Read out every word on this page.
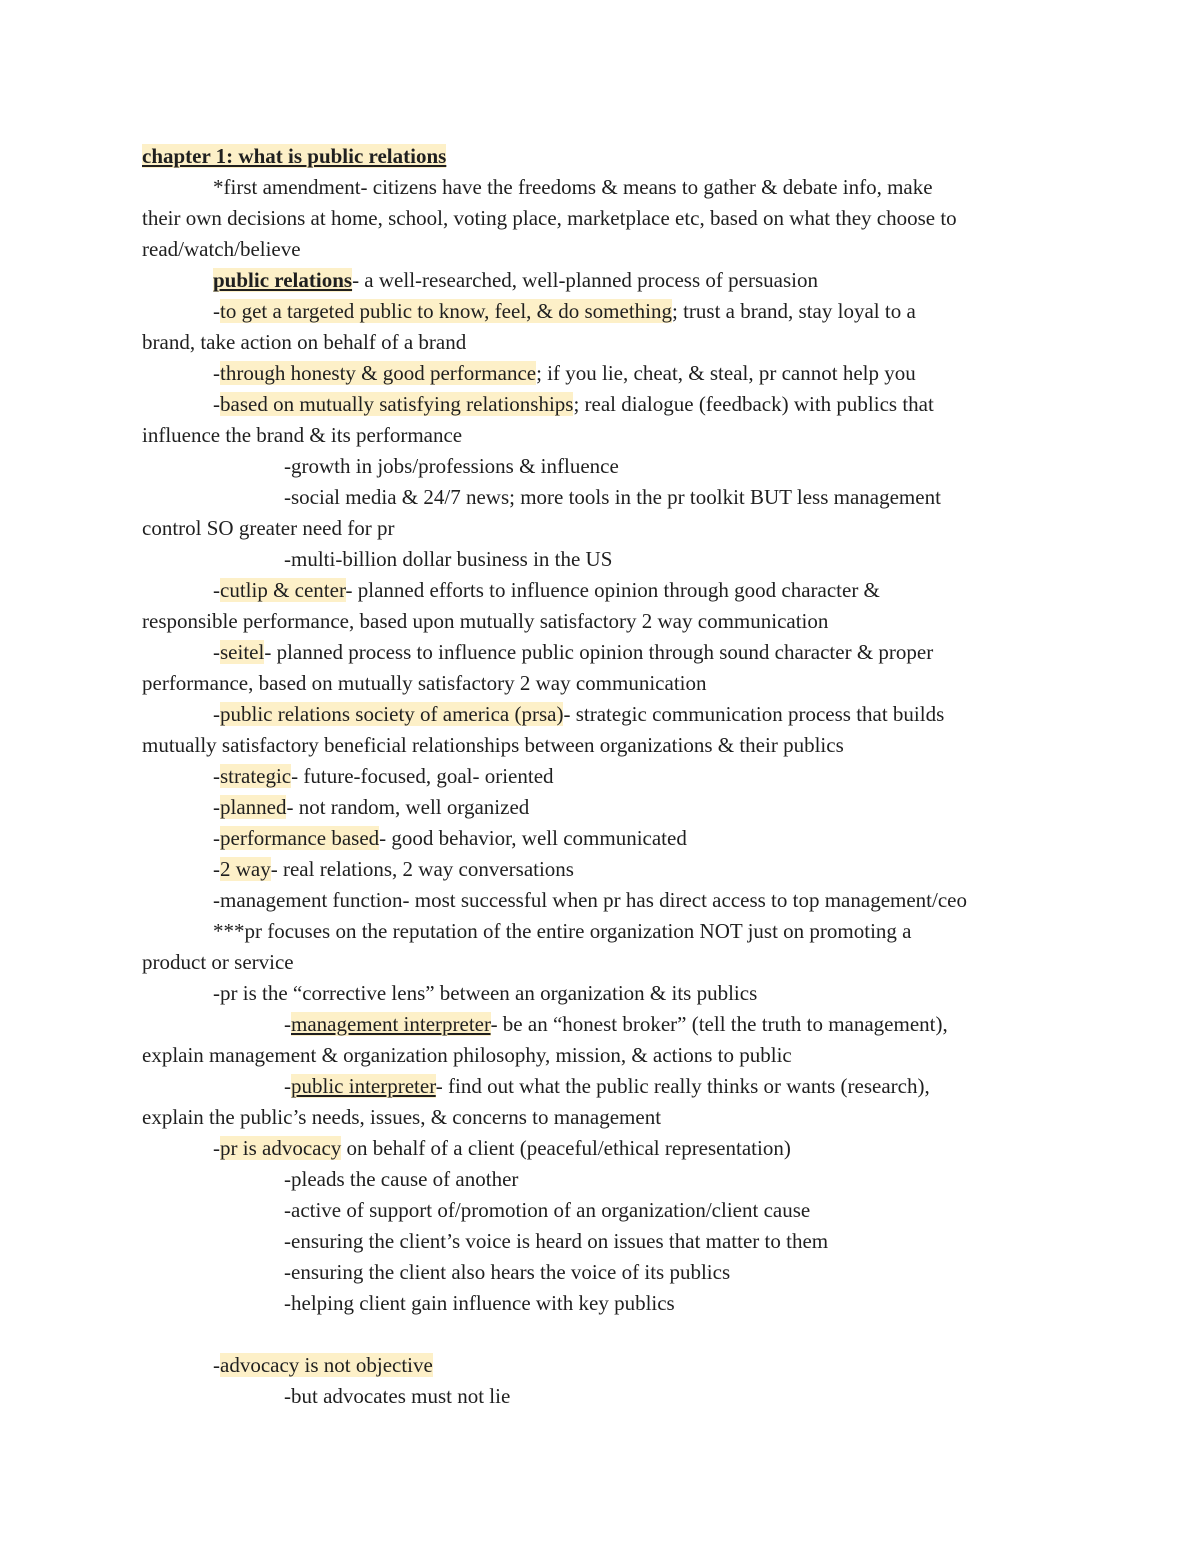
chapter 1: what is public relations
*first amendment- citizens have the freedoms & means to gather & debate info, make
their own decisions at home, school, voting place, marketplace etc, based on what they choose to
read/watch/believe
public relations- a well-researched, well-planned process of persuasion
-to get a targeted public to know, feel, & do something; trust a brand, stay loyal to a
brand, take action on behalf of a brand
-through honesty & good performance; if you lie, cheat, & steal, pr cannot help you
-based on mutually satisfying relationships; real dialogue (feedback) with publics that
influence the brand & its performance
-growth in jobs/professions & influence
-social media & 24/7 news; more tools in the pr toolkit BUT less management
control SO greater need for pr
-multi-billion dollar business in the US
-cutlip & center- planned efforts to influence opinion through good character &
responsible performance, based upon mutually satisfactory 2 way communication
-seitel- planned process to influence public opinion through sound character & proper
performance, based on mutually satisfactory 2 way communication
-public relations society of america (prsa)- strategic communication process that builds
mutually satisfactory beneficial relationships between organizations & their publics
-strategic- future-focused, goal- oriented
-planned- not random, well organized
-performance based- good behavior, well communicated
-2 way- real relations, 2 way conversations
-management function- most successful when pr has direct access to top management/ceo
***pr focuses on the reputation of the entire organization NOT just on promoting a
product or service
-pr is the “corrective lens” between an organization & its publics
-management interpreter- be an “honest broker” (tell the truth to management),
explain management & organization philosophy, mission, & actions to public
-public interpreter- find out what the public really thinks or wants (research),
explain the public’s needs, issues, & concerns to management
-pr is advocacy on behalf of a client (peaceful/ethical representation)
-pleads the cause of another
-active of support of/promotion of an organization/client cause
-ensuring the client’s voice is heard on issues that matter to them
-ensuring the client also hears the voice of its publics
-helping client gain influence with key publics
-advocacy is not objective
-but advocates must not lie
